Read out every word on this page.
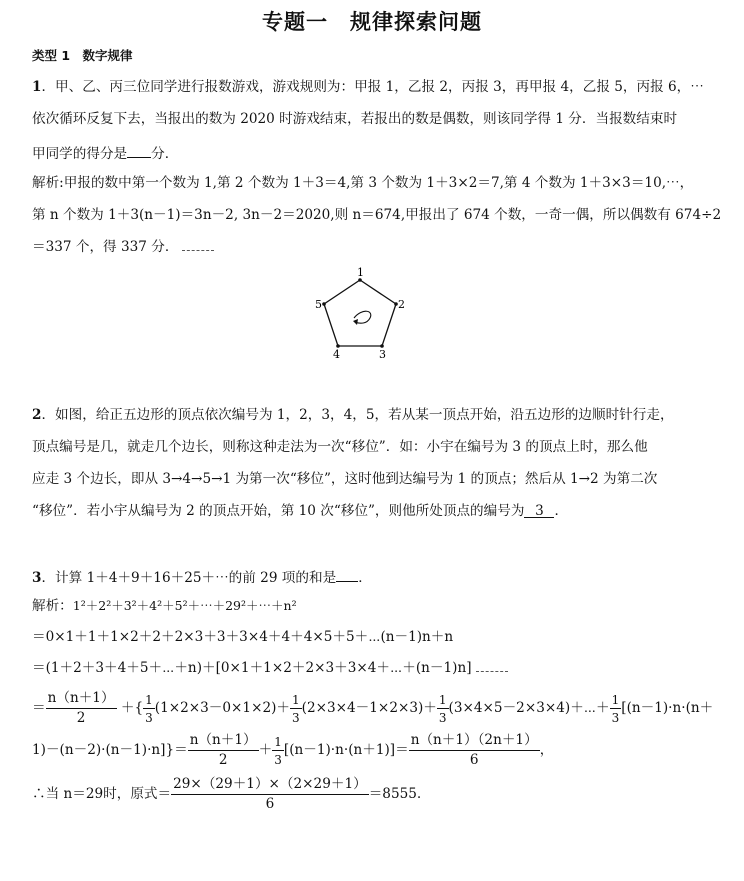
专题一　规律探索问题
类型 1　数字规律
1．甲、乙、丙三位同学进行报数游戏，游戏规则为：甲报 1，乙报 2，丙报 3，再甲报 4，乙报 5，丙报 6，⋯
依次循环反复下去，当报出的数为 2020 时游戏结束，若报出的数是偶数，则该同学得 1 分．当报数结束时
甲同学的得分是 分．
解析:甲报的数中第一个数为 1,第 2 个数为 1＋3＝4,第 3 个数为 1＋3×2＝7,第 4 个数为 1＋3×3＝10,⋯，
第 n 个数为 1＋3(n－1)＝3n－2, 3n－2＝2020,则 n＝674,甲报出了 674 个数，一奇一偶，所以偶数有 674÷2
＝337 个，得 337 分．
1
2
3
4
5
2．如图，给正五边形的顶点依次编号为 1，2，3，4，5，若从某一顶点开始，沿五边形的边顺时针行走，
顶点编号是几，就走几个边长，则称这种走法为一次“移位”．如：小宇在编号为 3 的顶点上时，那么他
应走 3 个边长，即从 3→4→5→1 为第一次“移位”，这时他到达编号为 1 的顶点；然后从 1→2 为第二次
“移位”．若小宇从编号为 2 的顶点开始，第 10 次“移位”，则他所处顶点的编号为 3 ．
3．计算 1＋4＋9＋16＋25＋⋯的前 29 项的和是 ．
解析：1²＋2²＋3²＋4²＋5²＋⋯＋29²＋⋯＋n²
＝0×1＋1＋1×2＋2＋2×3＋3＋3×4＋4＋4×5＋5＋⋯(n－1)n＋n
＝(1＋2＋3＋4＋5＋⋯＋n)＋[0×1＋1×2＋2×3＋3×4＋⋯＋(n－1)n]
＝ $\frac{n(n+1)}{2}$ ＋{ $\frac{1}{3} (1\times 2\times 3-0\times 1\times 2)+ \frac{1}{3} (2\times 3\times 4-1\times 2\times 3)+ \frac{1}{3}$ (3×4×5－2×3×4)＋⋯＋ $\frac{1}{3} [(n-1)\cdot n\cdot(n+$
$1)-(n-2)\cdot(n-1)\cdot n]\}= \frac{n(n+1)}{2} + \frac{1}{3} [(n-1)\cdot n\cdot(n+1)]= \frac{n(n+1)(2n+1)}{6}$ ，
∴当 n＝29时，原式＝ $\frac{29\times(29+1)\times(2\times 29+1)}{6} =8555$.
